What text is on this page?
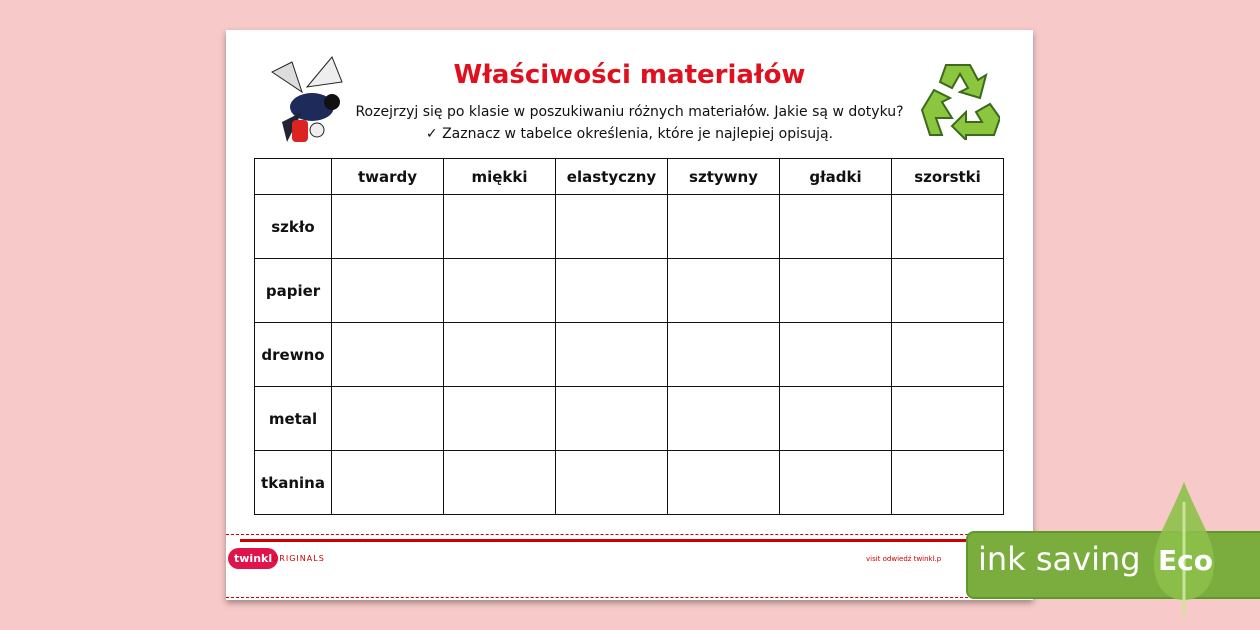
Właściwości materiałów
Rozejrzyj się po klasie w poszukiwaniu różnych materiałów. Jakie są w dotyku?
✓ Zaznacz w tabelce określenia, które je najlepiej opisują.
	twardy	miękki	elastyczny	sztywny	gładki	szorstki
szkło						
papier						
drewno						
metal						
tkanina						
twinkl ORIGINALS	visit odwiedź twinkl.p ink saving Eco
